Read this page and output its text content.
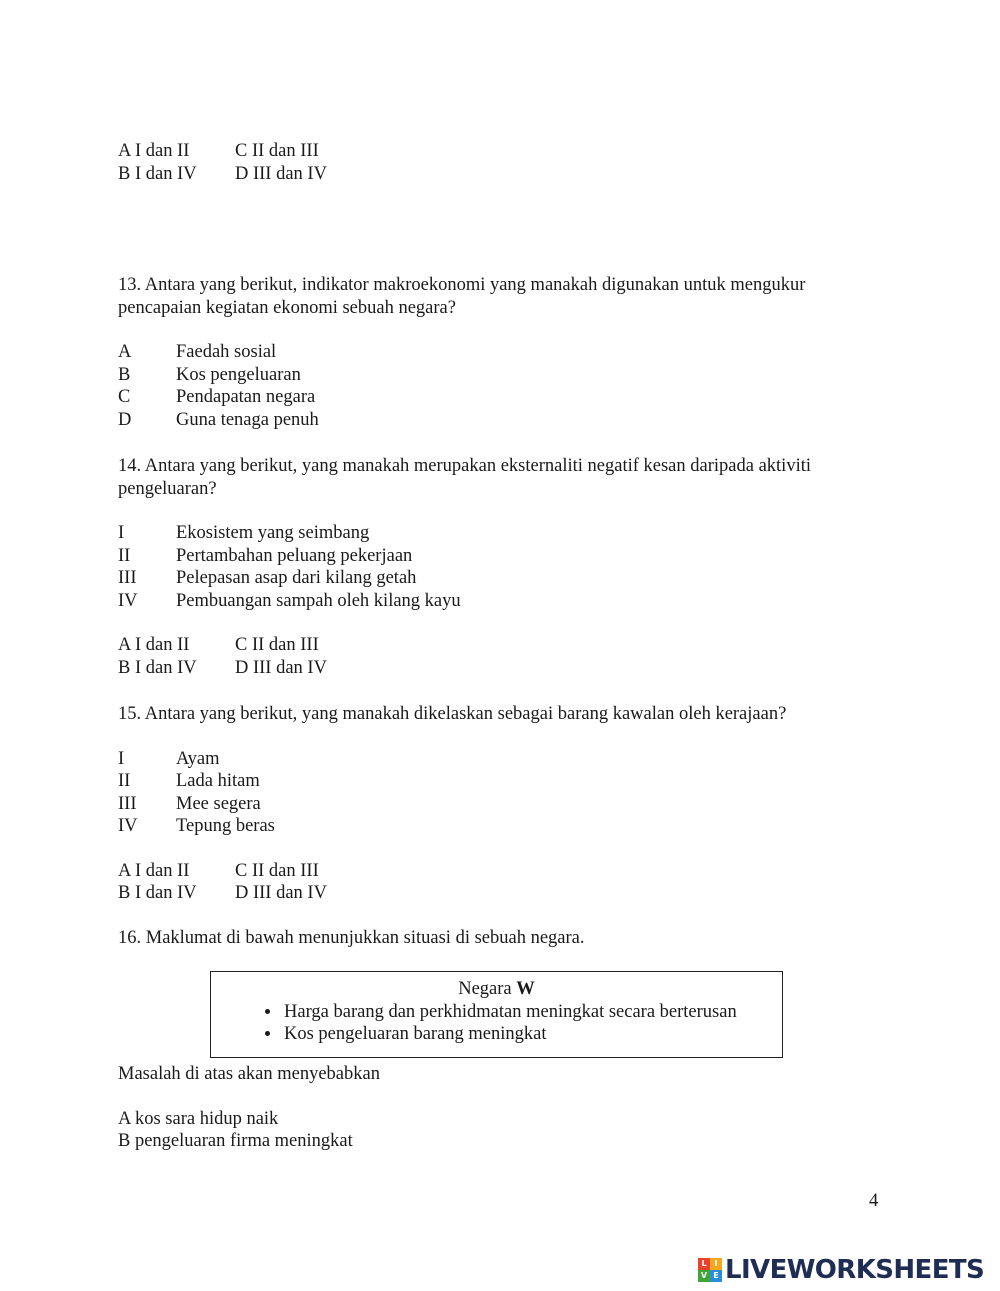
A I dan II	C II dan III
B I dan IV	D III dan IV
13. Antara yang berikut, indikator makroekonomi yang manakah digunakan untuk mengukur pencapaian kegiatan ekonomi sebuah negara?
A	Faedah sosial
B	Kos pengeluaran
C	Pendapatan negara
D	Guna tenaga penuh
14. Antara yang berikut, yang manakah merupakan eksternaliti negatif kesan daripada aktiviti pengeluaran?
I	Ekosistem yang seimbang
II	Pertambahan peluang pekerjaan
III	Pelepasan asap dari kilang getah
IV	Pembuangan sampah oleh kilang kayu
A I dan II	C II dan III
B I dan IV	D III dan IV
15. Antara yang berikut, yang manakah dikelaskan sebagai barang kawalan oleh kerajaan?
I	Ayam
II	Lada hitam
III	Mee segera
IV	Tepung beras
A I dan II	C II dan III
B I dan IV	D III dan IV
16. Maklumat di bawah menunjukkan situasi di sebuah negara.
Negara W
• Harga barang dan perkhidmatan meningkat secara berterusan
• Kos pengeluaran barang meningkat
Masalah di atas akan menyebabkan
A kos sara hidup naik
B pengeluaran firma meningkat
4
L I
V E LIVEWORKSHEETS
